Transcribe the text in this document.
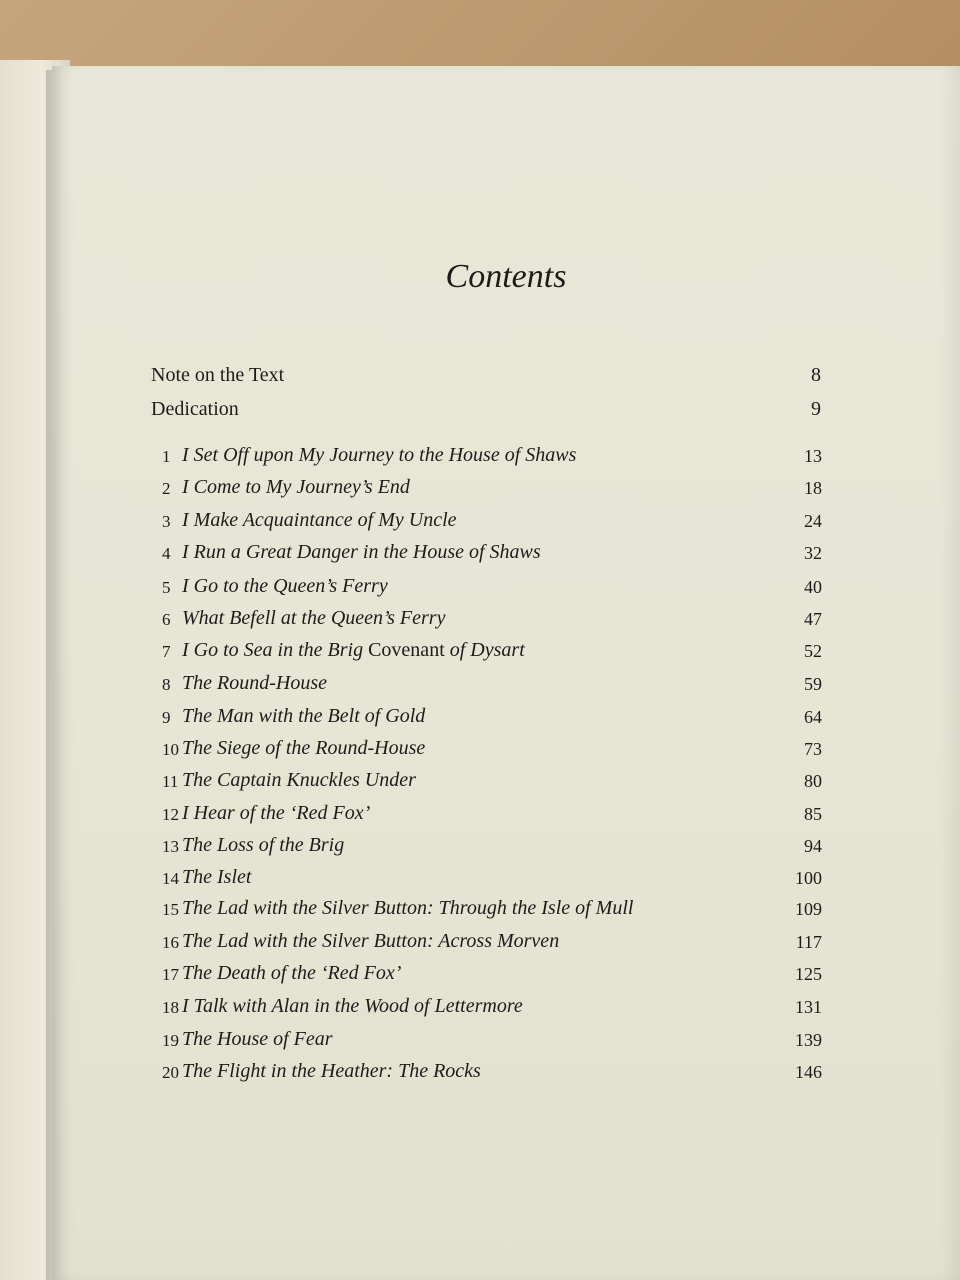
Contents
Note on the Text	8
Dedication	9
1 I Set Off upon My Journey to the House of Shaws	13
2 I Come to My Journey’s End	18
3 I Make Acquaintance of My Uncle	24
4 I Run a Great Danger in the House of Shaws	32
5 I Go to the Queen’s Ferry	40
6 What Befell at the Queen’s Ferry	47
7 I Go to Sea in the Brig Covenant of Dysart	52
8 The Round-House	59
9 The Man with the Belt of Gold	64
10 The Siege of the Round-House	73
11 The Captain Knuckles Under	80
12 I Hear of the ‘Red Fox’	85
13 The Loss of the Brig	94
14 The Islet	100
15 The Lad with the Silver Button: Through the Isle of Mull	109
16 The Lad with the Silver Button: Across Morven	117
17 The Death of the ‘Red Fox’	125
18 I Talk with Alan in the Wood of Lettermore	131
19 The House of Fear	139
20 The Flight in the Heather: The Rocks	146
